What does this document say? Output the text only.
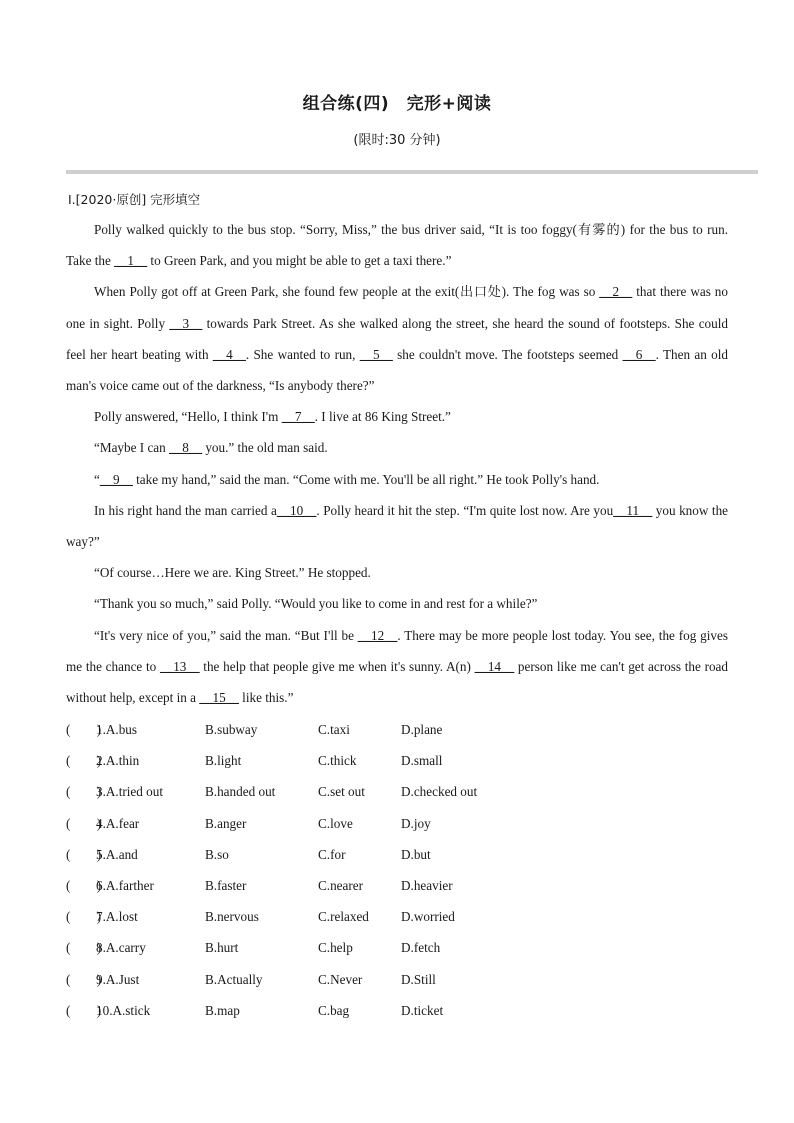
组合练(四)　完形+阅读
(限时:30 分钟)
Ⅰ.[2020·原创] 完形填空

Polly walked quickly to the bus stop. “Sorry, Miss,” the bus driver said, “It is too foggy(有雾的) for the bus to run. Take the __1__ to Green Park, and you might be able to get a taxi there.”

When Polly got off at Green Park, she found few people at the exit(出口处). The fog was so __2__ that there was no one in sight. Polly __3__ towards Park Street. As she walked along the street, she heard the sound of footsteps. She could feel her heart beating with __4__. She wanted to run, __5__ she couldn't move. The footsteps seemed __6__. Then an old man's voice came out of the darkness, “Is anybody there?”

Polly answered, “Hello, I think I'm __7__. I live at 86 King Street.”

“Maybe I can __8__ you.” the old man said.

“__9__ take my hand,” said the man. “Come with me. You'll be all right.” He took Polly's hand.

In his right hand the man carried a__10__. Polly heard it hit the step. “I'm quite lost now. Are you__11__ you know the way?”

“Of course…Here we are. King Street.” He stopped.

“Thank you so much,” said Polly. “Would you like to come in and rest for a while?”

“It's very nice of you,” said the man. “But I'll be __12__. There may be more people lost today. You see, the fog gives me the chance to __13__ the help that people give me when it's sunny. A(n) __14__ person like me can't get across the road without help, except in a __15__ like this.”

(　　)
1.A.bus	B.subway	C.taxi	D.plane
(　　)
2.A.thin	B.light	C.thick	D.small
(　　)
3.A.tried out	B.handed out	C.set out	D.checked out
(　　)
4.A.fear	B.anger	C.love	D.joy
(　　)
5.A.and	B.so	C.for	D.but
(　　)
6.A.farther	B.faster	C.nearer	D.heavier
(　　)
7.A.lost	B.nervous	C.relaxed D.worried
(　　)
8.A.carry	B.hurt	C.help	D.fetch
(　　)
9.A.Just	B.Actually	C.Never	D.Still
(　　)
10.A.stick	B.map	C.bag	D.ticket
